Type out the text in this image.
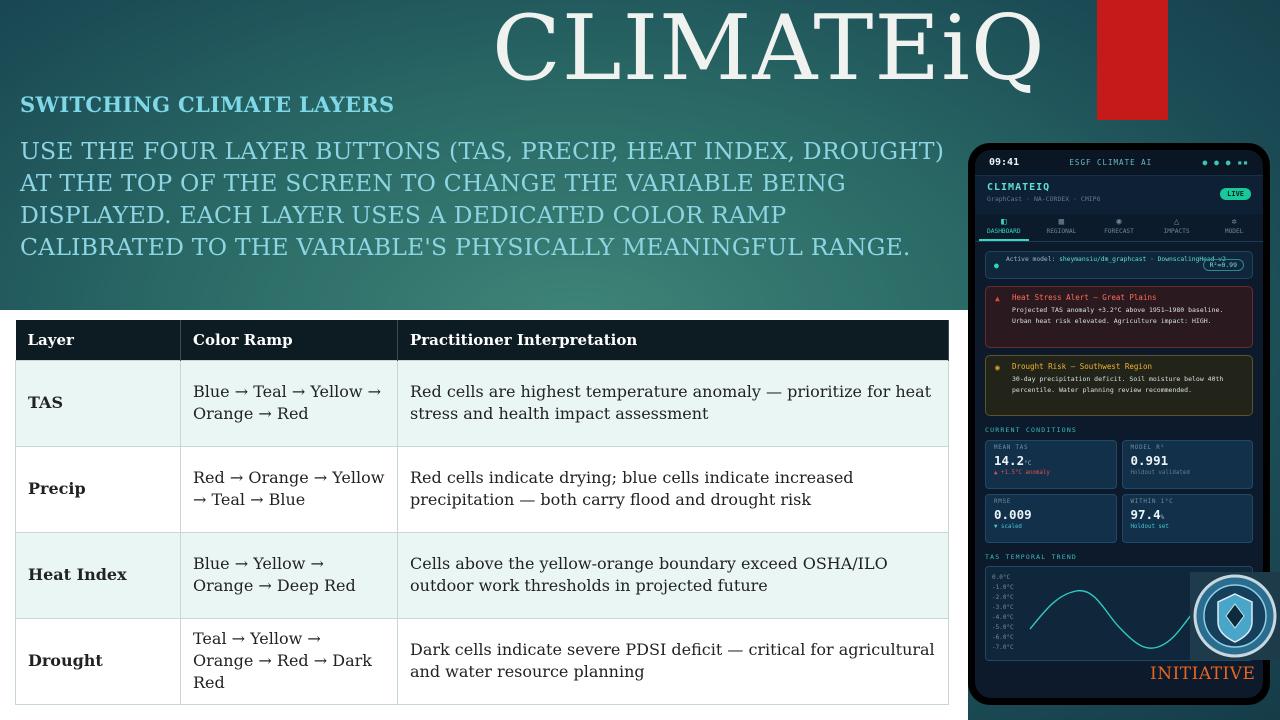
CLIMATEiQ
SWITCHING CLIMATE LAYERS
USE THE FOUR LAYER BUTTONS (TAS, PRECIP, HEAT INDEX, DROUGHT) AT THE TOP OF THE SCREEN TO CHANGE THE VARIABLE BEING DISPLAYED. EACH LAYER USES A DEDICATED COLOR RAMP CALIBRATED TO THE VARIABLE'S PHYSICALLY MEANINGFUL RANGE.
Layer	Color Ramp	Practitioner Interpretation
TAS	Blue → Teal → Yellow → Orange → Red	Red cells are highest temperature anomaly — prioritize for heat stress and health impact assessment
Precip	Red → Orange → Yellow → Teal → Blue	Red cells indicate drying; blue cells indicate increased precipitation — both carry flood and drought risk
Heat Index	Blue → Yellow → Orange → Deep Red	Cells above the yellow-orange boundary exceed OSHA/ILO outdoor work thresholds in projected future
Drought	Teal → Yellow → Orange → Red → Dark Red	Dark cells indicate severe PDSI deficit — critical for agricultural and water resource planning
09:41	ESGF CLIMATE AI	● ● ● ▪▪
CLIMATEIQ
GraphCast · NA-CORDEX · CMIP6
LIVE
◧
DASHBOARD
▦
REGIONAL
◉
FORECAST
△
IMPACTS
✲
MODEL
●
Active model: sheymansiu/dm_graphcast · DownscalingHead v2
R²=0.99
▲ Heat Stress Alert — Great Plains
Projected TAS anomaly +3.2°C above 1951–1980 baseline. Urban heat risk elevated. Agriculture impact: HIGH.
◉ Drought Risk — Southwest Region
30-day precipitation deficit. Soil moisture below 40th percentile. Water planning review recommended.
CURRENT CONDITIONS
MEAN TAS
14.2°C
▲ +1.5°C anomaly
MODEL R²
0.991
Holdout validated
RMSE
0.009
▼ scaled
WITHIN 1°C
97.4%
Holdout set
TAS TEMPORAL TREND
0.0°C
-1.0°C
-2.0°C
-3.0°C
-4.0°C
-5.0°C
-6.0°C
-7.0°C
INITIATIVE
